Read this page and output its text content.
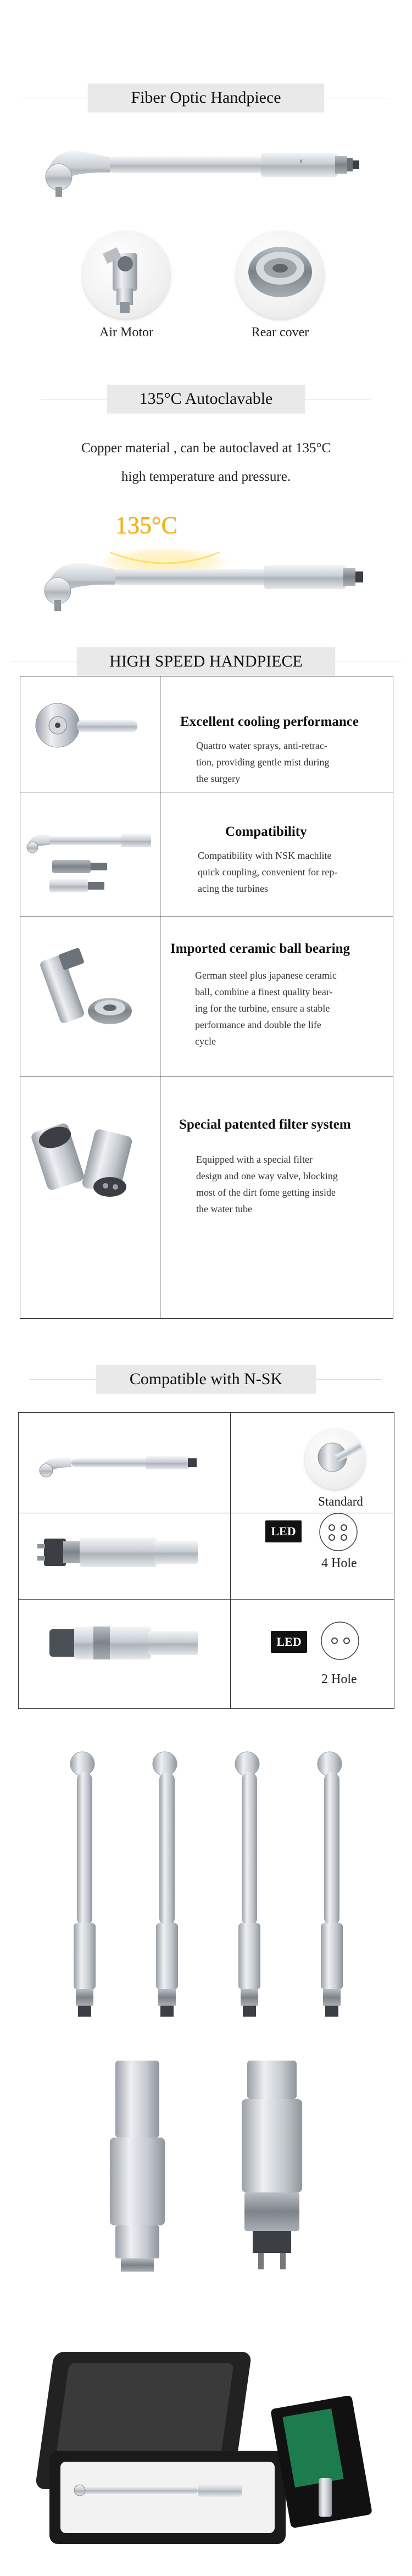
Fiber Optic Handpiece
X
Air Motor	Rear cover
135°C Autoclavable
Copper material , can be autoclaved at 135°C
high temperature and pressure.
135°C
HIGH SPEED HANDPIECE
Excellent cooling performance
Quattro water sprays, anti-retrac-
tion, providing gentle mist during
the surgery
Compatibility
Compatibility with NSK machlite
quick coupling, convenient for rep-
acing the turbines
Imported ceramic ball bearing
German steel plus japanese ceramic
ball, combine a finest quality bear-
ing for the turbine, ensure a stable
performance and double the life
cycle
Special patented filter system
Equipped with a special filter
design and one way valve, blocking
most of the dirt fome getting inside
the water tube
Compatible with N-SK
Standard
LED
4 Hole
LED
2 Hole
